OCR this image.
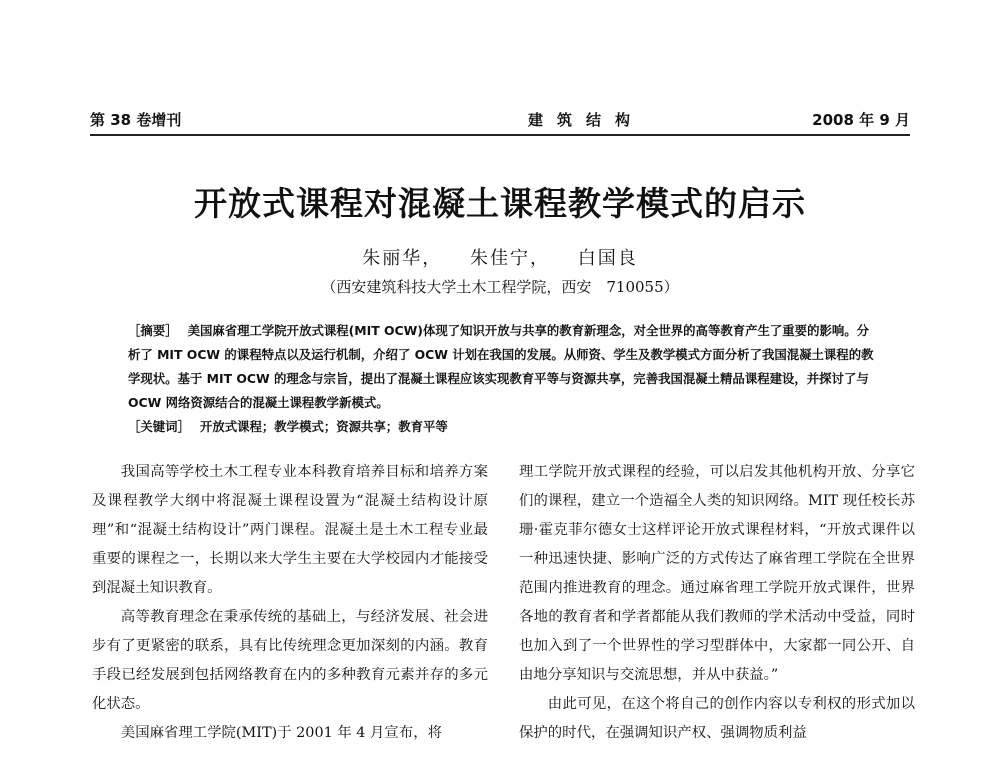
第 38 卷增刊	建筑结构	2008 年 9 月
开放式课程对混凝土课程教学模式的启示
朱丽华， 朱佳宁， 白国良
（西安建筑科技大学土木工程学院，西安　710055）
［摘要］ 美国麻省理工学院开放式课程(MIT OCW)体现了知识开放与共享的教育新理念，对全世界的高等教育产生了重要的影响。分析了 MIT OCW 的课程特点以及运行机制，介绍了 OCW 计划在我国的发展。从师资、学生及教学模式方面分析了我国混凝土课程的教学现状。基于 MIT OCW 的理念与宗旨，提出了混凝土课程应该实现教育平等与资源共享，完善我国混凝土精品课程建设，并探讨了与 OCW 网络资源结合的混凝土课程教学新模式。
［关键词］ 开放式课程；教学模式；资源共享；教育平等

我国高等学校土木工程专业本科教育培养目标和培养方案及课程教学大纲中将混凝土课程设置为“混凝土结构设计原理”和“混凝土结构设计”两门课程。混凝土是土木工程专业最重要的课程之一，长期以来大学生主要在大学校园内才能接受到混凝土知识教育。

高等教育理念在秉承传统的基础上，与经济发展、社会进步有了更紧密的联系，具有比传统理念更加深刻的内涵。教育手段已经发展到包括网络教育在内的多种教育元素并存的多元化状态。

美国麻省理工学院(MIT)于 2001 年 4 月宣布，将

理工学院开放式课程的经验，可以启发其他机构开放、分享它们的课程，建立一个造福全人类的知识网络。MIT 现任校长苏珊·霍克菲尔德女士这样评论开放式课程材料，“开放式课件以一种迅速快捷、影响广泛的方式传达了麻省理工学院在全世界范围内推进教育的理念。通过麻省理工学院开放式课件，世界各地的教育者和学者都能从我们教师的学术活动中受益，同时也加入到了一个世界性的学习型群体中，大家都一同公开、自由地分享知识与交流思想，并从中获益。”

由此可见，在这个将自己的创作内容以专利权的形式加以保护的时代，在强调知识产权、强调物质利益
